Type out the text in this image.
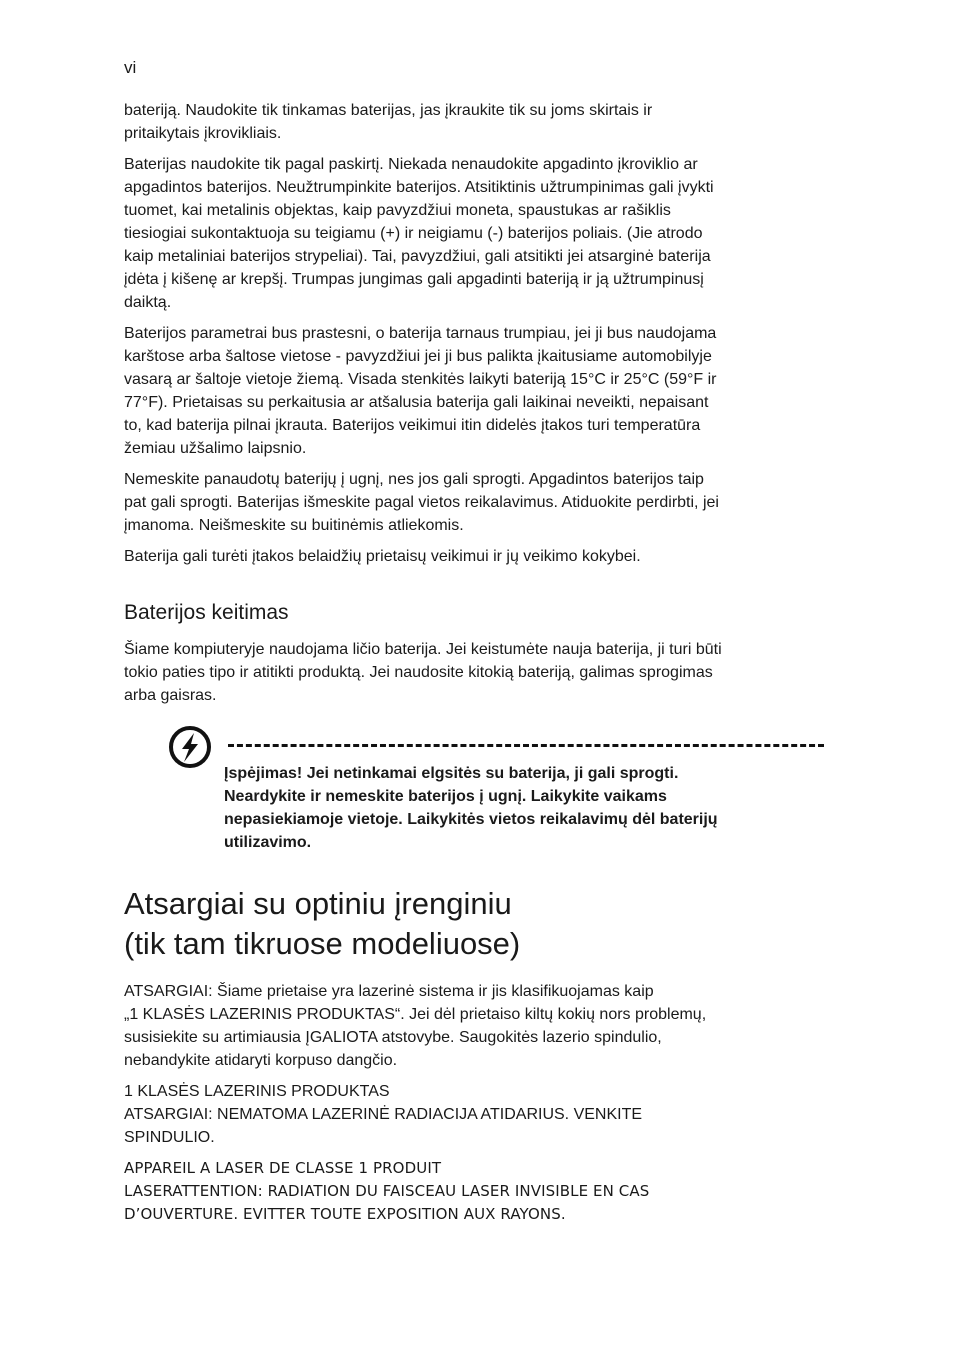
vi

bateriją. Naudokite tik tinkamas baterijas, jas įkraukite tik su joms skirtais ir
pritaikytais įkrovikliais.

Baterijas naudokite tik pagal paskirtį. Niekada nenaudokite apgadinto įkroviklio ar
apgadintos baterijos. Neužtrumpinkite baterijos. Atsitiktinis užtrumpinimas gali įvykti
tuomet, kai metalinis objektas, kaip pavyzdžiui moneta, spaustukas ar rašiklis
tiesiogiai sukontaktuoja su teigiamu (+) ir neigiamu (-) baterijos poliais. (Jie atrodo
kaip metaliniai baterijos strypeliai). Tai, pavyzdžiui, gali atsitikti jei atsarginė baterija
įdėta į kišenę ar krepšį. Trumpas jungimas gali apgadinti bateriją ir ją užtrumpinusį
daiktą.

Baterijos parametrai bus prastesni, o baterija tarnaus trumpiau, jei ji bus naudojama
karštose arba šaltose vietose - pavyzdžiui jei ji bus palikta įkaitusiame automobilyje
vasarą ar šaltoje vietoje žiemą. Visada stenkitės laikyti bateriją 15°C ir 25°C (59°F ir
77°F). Prietaisas su perkaitusia ar atšalusia baterija gali laikinai neveikti, nepaisant
to, kad baterija pilnai įkrauta. Baterijos veikimui itin didelės įtakos turi temperatūra
žemiau užšalimo laipsnio.

Nemeskite panaudotų baterijų į ugnį, nes jos gali sprogti. Apgadintos baterijos taip
pat gali sprogti. Baterijas išmeskite pagal vietos reikalavimus. Atiduokite perdirbti, jei
įmanoma. Neišmeskite su buitinėmis atliekomis.

Baterija gali turėti įtakos belaidžių prietaisų veikimui ir jų veikimo kokybei.

Baterijos keitimas

Šiame kompiuteryje naudojama ličio baterija. Jei keistumėte nauja baterija, ji turi būti
tokio paties tipo ir atitikti produktą. Jei naudosite kitokią bateriją, galimas sprogimas
arba gaisras.

Įspėjimas! Jei netinkamai elgsitės su baterija, ji gali sprogti.
Neardykite ir nemeskite baterijos į ugnį. Laikykite vaikams
nepasiekiamoje vietoje. Laikykitės vietos reikalavimų dėl baterijų
utilizavimo.
Atsargiai su optiniu įrenginiu
(tik tam tikruose modeliuose)

ATSARGIAI: Šiame prietaise yra lazerinė sistema ir jis klasifikuojamas kaip
„1 KLASĖS LAZERINIS PRODUKTAS“. Jei dėl prietaiso kiltų kokių nors problemų,
susisiekite su artimiausia ĮGALIOTA atstovybe. Saugokitės lazerio spindulio,
nebandykite atidaryti korpuso dangčio.

1 KLASĖS LAZERINIS PRODUKTAS
ATSARGIAI: NEMATOMA LAZERINĖ RADIACIJA ATIDARIUS. VENKITE
SPINDULIO.

APPAREIL A LASER DE CLASSE 1 PRODUIT
LASERATTENTION: RADIATION DU FAISCEAU LASER INVISIBLE EN CAS
D’OUVERTURE. EVITTER TOUTE EXPOSITION AUX RAYONS.
